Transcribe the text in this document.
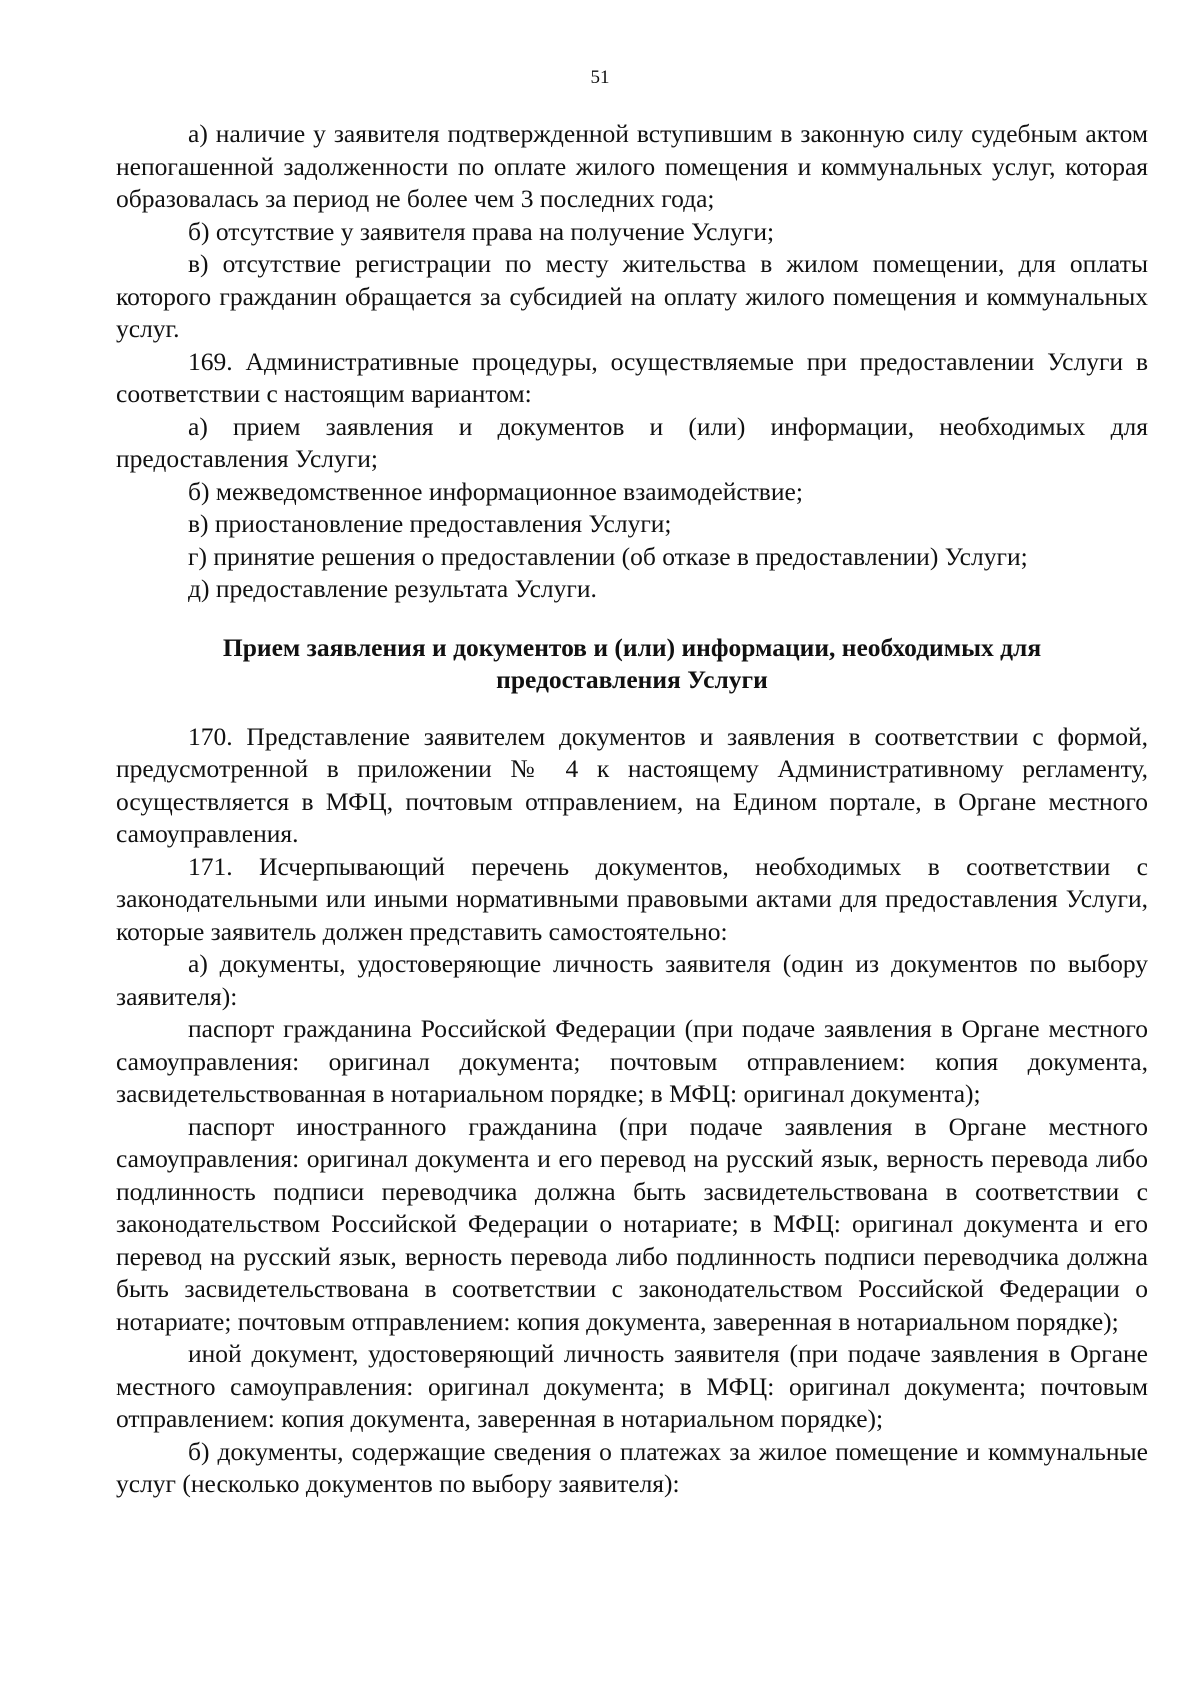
51

а) наличие у заявителя подтвержденной вступившим в законную силу судебным актом непогашенной задолженности по оплате жилого помещения и коммунальных услуг, которая образовалась за период не более чем 3 последних года;

б) отсутствие у заявителя права на получение Услуги;

в) отсутствие регистрации по месту жительства в жилом помещении, для оплаты которого гражданин обращается за субсидией на оплату жилого помещения и коммунальных услуг.

169. Административные процедуры, осуществляемые при предоставлении Услуги в соответствии с настоящим вариантом:

а) прием заявления и документов и (или) информации, необходимых для предоставления Услуги;

б) межведомственное информационное взаимодействие;

в) приостановление предоставления Услуги;

г) принятие решения о предоставлении (об отказе в предоставлении) Услуги;

д) предоставление результата Услуги.

Прием заявления и документов и (или) информации, необходимых для
предоставления Услуги

170. Представление заявителем документов и заявления в соответствии с формой, предусмотренной в приложении № 4 к настоящему Административному регламенту, осуществляется в МФЦ, почтовым отправлением, на Едином портале, в Органе местного самоуправления.

171. Исчерпывающий перечень документов, необходимых в соответствии с законодательными или иными нормативными правовыми актами для предоставления Услуги, которые заявитель должен представить самостоятельно:

а) документы, удостоверяющие личность заявителя (один из документов по выбору заявителя):

паспорт гражданина Российской Федерации (при подаче заявления в Органе местного самоуправления: оригинал документа; почтовым отправлением: копия документа, засвидетельствованная в нотариальном порядке; в МФЦ: оригинал документа);

паспорт иностранного гражданина (при подаче заявления в Органе местного самоуправления: оригинал документа и его перевод на русский язык, верность перевода либо подлинность подписи переводчика должна быть засвидетельствована в соответствии с законодательством Российской Федерации о нотариате; в МФЦ: оригинал документа и его перевод на русский язык, верность перевода либо подлинность подписи переводчика должна быть засвидетельствована в соответствии с законодательством Российской Федерации о нотариате; почтовым отправлением: копия документа, заверенная в нотариальном порядке);

иной документ, удостоверяющий личность заявителя (при подаче заявления в Органе местного самоуправления: оригинал документа; в МФЦ: оригинал документа; почтовым отправлением: копия документа, заверенная в нотариальном порядке);

б) документы, содержащие сведения о платежах за жилое помещение и коммунальные услуг (несколько документов по выбору заявителя):
